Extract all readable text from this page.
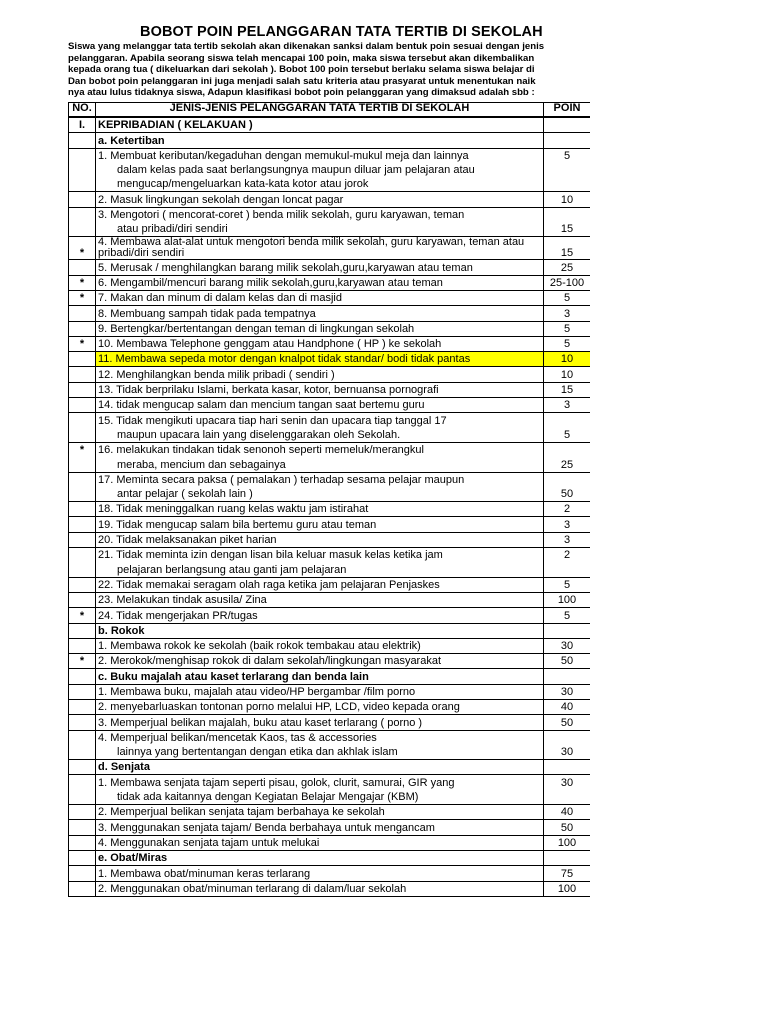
BOBOT POIN PELANGGARAN TATA TERTIB DI SEKOLAH
Siswa yang melanggar tata tertib sekolah akan dikenakan sanksi dalam bentuk poin sesuai dengan jenis
pelanggaran. Apabila seorang siswa telah mencapai 100 poin, maka siswa tersebut akan dikembalikan
kepada orang tua ( dikeluarkan dari sekolah ). Bobot 100 poin tersebut berlaku selama siswa belajar di
Dan bobot poin pelanggaran ini juga menjadi salah satu kriteria atau prasyarat untuk menentukan naik
nya atau lulus tidaknya siswa, Adapun klasifikasi bobot poin pelanggaran yang dimaksud adalah sbb :
NO.	JENIS-JENIS PELANGGARAN TATA TERTIB DI SEKOLAH	POIN
I.	KEPRIBADIAN ( KELAKUAN )	
	a. Ketertiban	
	1. Membuat keributan/kegaduhan dengan memukul-mukul meja dan lainnya	5
	dalam kelas pada saat berlangsungnya maupun diluar jam pelajaran atau	
	mengucap/mengeluarkan kata-kata kotor atau jorok	
	2. Masuk lingkungan sekolah dengan loncat pagar	10
	3. Mengotori ( mencorat-coret ) benda milik sekolah, guru karyawan, teman	
	atau pribadi/diri sendiri	15
*	4. Membawa alat-alat untuk mengotori benda milik sekolah, guru karyawan, teman atau pribadi/diri sendiri	15
	5. Merusak / menghilangkan barang milik sekolah,guru,karyawan atau teman	25
*	6. Mengambil/mencuri barang milik sekolah,guru,karyawan atau teman	25-100
*	7. Makan dan minum di dalam kelas dan di masjid	5
	8. Membuang sampah tidak pada tempatnya	3
	9. Bertengkar/bertentangan dengan teman di lingkungan sekolah	5
*	10. Membawa Telephone genggam atau Handphone ( HP ) ke sekolah	5
	11. Membawa sepeda motor dengan knalpot tidak standar/ bodi tidak pantas	10
	12. Menghilangkan benda milik pribadi ( sendiri )	10
	13. Tidak berprilaku Islami, berkata kasar, kotor, bernuansa pornografi	15
	14. tidak mengucap salam dan mencium tangan saat bertemu guru	3
	15. Tidak mengikuti upacara tiap hari senin dan upacara tiap tanggal 17	
	maupun upacara lain yang diselenggarakan oleh Sekolah.	5
*	16. melakukan tindakan tidak senonoh seperti memeluk/merangkul	
	meraba, mencium dan sebagainya	25
	17. Meminta secara paksa ( pemalakan ) terhadap sesama pelajar maupun	
	antar pelajar ( sekolah lain )	50
	18. Tidak meninggalkan ruang kelas waktu jam istirahat	2
	19. Tidak mengucap salam bila bertemu guru atau teman	3
	20. Tidak melaksanakan piket harian	3
	21. Tidak meminta izin dengan lisan bila keluar masuk kelas ketika jam	2
	pelajaran berlangsung atau ganti jam pelajaran	
	22. Tidak memakai seragam olah raga ketika jam pelajaran Penjaskes	5
	23. Melakukan tindak asusila/ Zina	100
*	24. Tidak mengerjakan PR/tugas	5
	b. Rokok	
	1. Membawa rokok ke sekolah (baik rokok tembakau atau elektrik)	30
*	2. Merokok/menghisap rokok di dalam sekolah/lingkungan masyarakat	50
	c. Buku majalah atau kaset terlarang dan benda lain	
	1. Membawa buku, majalah atau video/HP bergambar /film porno	30
	2. menyebarluaskan tontonan porno melalui HP, LCD, video kepada orang	40
	3. Memperjual belikan majalah, buku atau kaset terlarang ( porno )	50
	4. Memperjual belikan/mencetak Kaos, tas & accessories	
	lainnya yang bertentangan dengan etika dan akhlak islam	30
	d. Senjata	
	1. Membawa senjata tajam seperti pisau, golok, clurit, samurai, GIR yang	30
	tidak ada kaitannya dengan Kegiatan Belajar Mengajar (KBM)	
	2. Memperjual belikan senjata tajam berbahaya ke sekolah	40
	3. Menggunakan senjata tajam/ Benda berbahaya untuk mengancam	50
	4. Menggunakan senjata tajam untuk melukai	100
	e. Obat/Miras	
	1. Membawa obat/minuman keras terlarang	75
	2. Menggunakan obat/minuman terlarang di dalam/luar sekolah	100
